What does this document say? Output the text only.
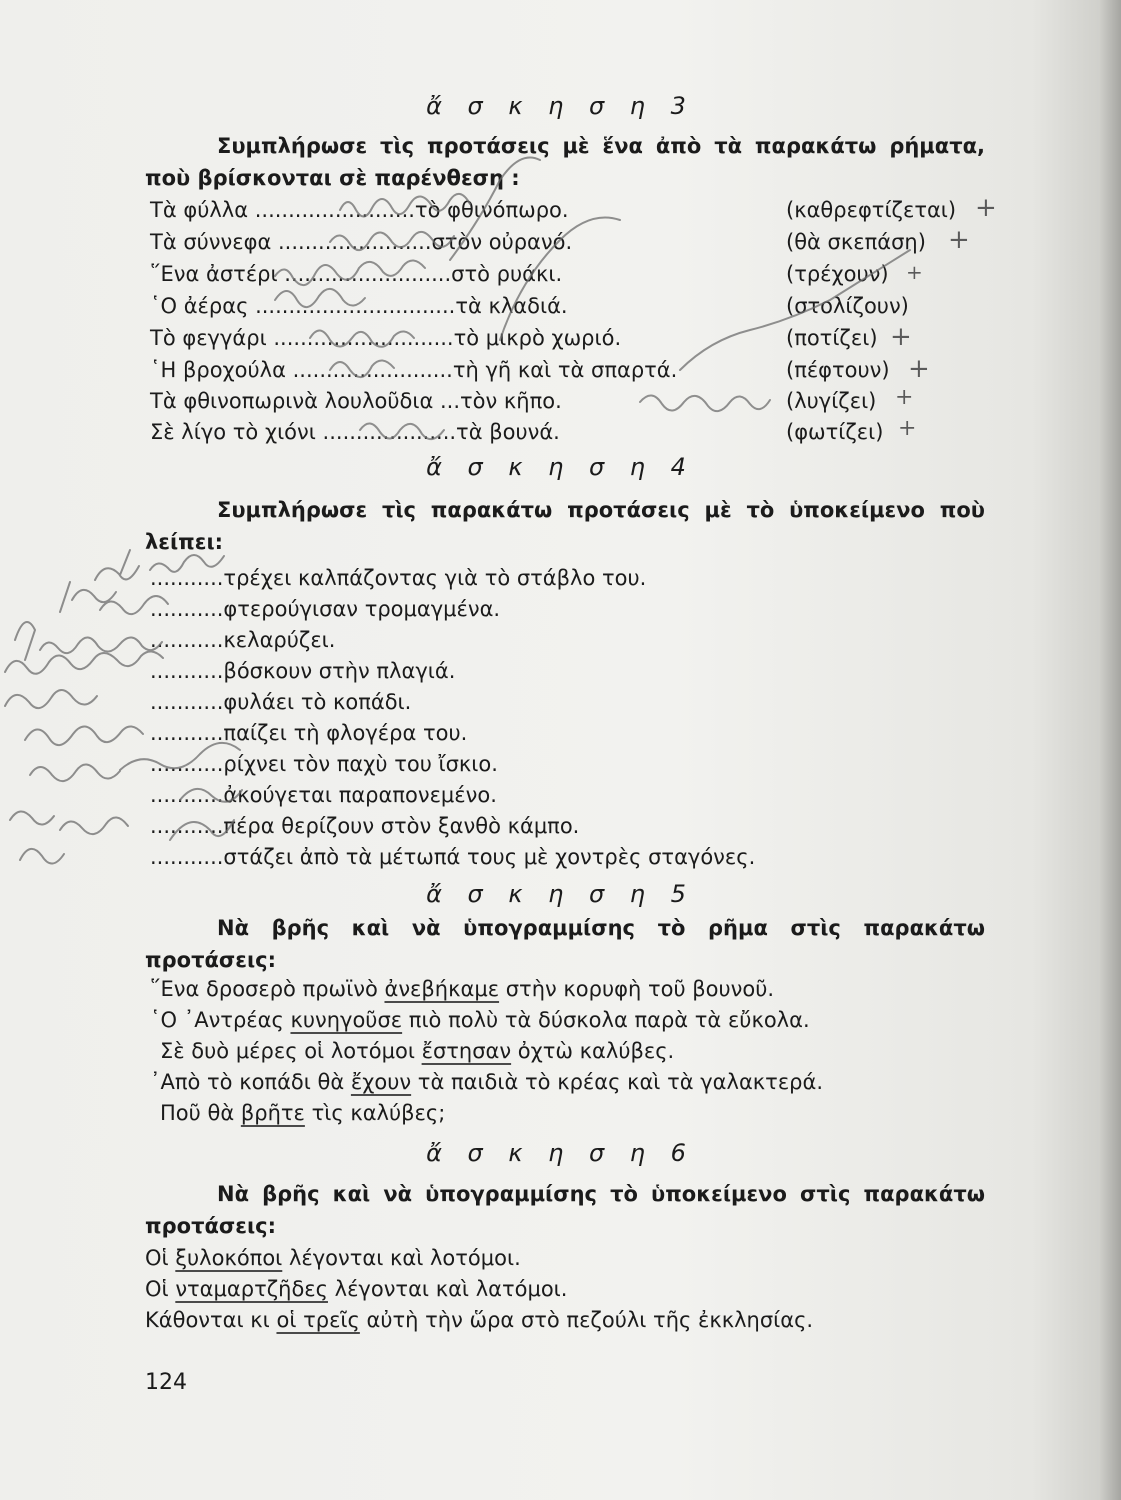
ἄ σ κ η σ η 3
Συμπλήρωσε τὶς προτάσεις μὲ ἕνα ἀπὸ τὰ παρακάτω ρήματα, ποὺ βρίσκονται σὲ παρένθεση :
Τὰ φύλλα ........................τὸ φθινόπωρο.	(καθρεφτίζεται) +
Τὰ σύννεφα .......................στὸν οὐρανό.	(θὰ σκεπάση) +
῞Ενα ἀστέρι .........................στὸ ρυάκι.	(τρέχουν) +
῾Ο ἀέρας ..............................τὰ κλαδιά.	(στολίζουν)
Τὸ φεγγάρι ...........................τὸ μικρὸ χωριό.	(ποτίζει) +
῾Η βροχούλα ........................τὴ γῆ καὶ τὰ σπαρτά.	(πέφτουν) +
Τὰ φθινοπωρινὰ λουλοῦδια ...τὸν κῆπο.	(λυγίζει) +
Σὲ λίγο τὸ χιόνι ....................τὰ βουνά.	(φωτίζει) +
ἄ σ κ η σ η 4
Συμπλήρωσε τὶς παρακάτω προτάσεις μὲ τὸ ὑποκείμενο ποὺ λείπει:
...........τρέχει καλπάζοντας γιὰ τὸ στάβλο του.
...........φτερούγισαν τρομαγμένα.
...........κελαρύζει.
...........βόσκουν στὴν πλαγιά.
...........φυλάει τὸ κοπάδι.
...........παίζει τὴ φλογέρα του.
...........ρίχνει τὸν παχὺ του ἴσκιο.
...........ἀκούγεται παραπονεμένο.
...........πέρα θερίζουν στὸν ξανθὸ κάμπο.
...........στάζει ἀπὸ τὰ μέτωπά τους μὲ χοντρὲς σταγόνες.
ἄ σ κ η σ η 5
Νὰ βρῆς καὶ νὰ ὑπογραμμίσης τὸ ρῆμα στὶς παρακάτω προτάσεις:
῞Ενα δροσερὸ πρωϊνὸ ἀνεβήκαμε στὴν κορυφὴ τοῦ βουνοῦ.
῾Ο ᾿Αντρέας κυνηγοῦσε πιὸ πολὺ τὰ δύσκολα παρὰ τὰ εὔκολα.
Σὲ δυὸ μέρες οἱ λοτόμοι ἔστησαν ὀχτὼ καλύβες.
᾿Απὸ τὸ κοπάδι θὰ ἔχουν τὰ παιδιὰ τὸ κρέας καὶ τὰ γαλακτερά.
Ποῦ θὰ βρῆτε τὶς καλύβες;
ἄ σ κ η σ η 6
Νὰ βρῆς καὶ νὰ ὑπογραμμίσης τὸ ὑποκείμενο στὶς παρακάτω προτάσεις:
Οἱ ξυλοκόποι λέγονται καὶ λοτόμοι.
Οἱ νταμαρτζῆδες λέγονται καὶ λατόμοι.
Κάθονται κι οἱ τρεῖς αὐτὴ τὴν ὥρα στὸ πεζούλι τῆς ἐκκλησίας.
124
